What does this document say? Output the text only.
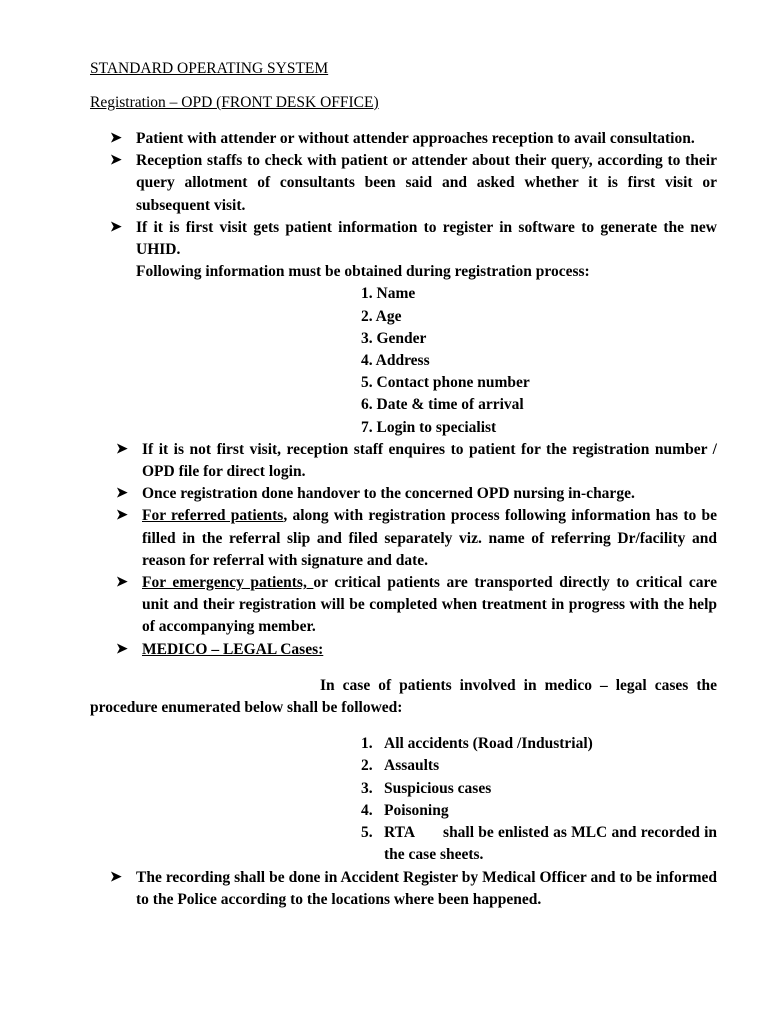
STANDARD OPERATING SYSTEM

Registration – OPD (FRONT DESK OFFICE)

➤ Patient with attender or without attender approaches reception to avail consultation.
➤ Reception staffs to check with patient or attender about their query, according to their query allotment of consultants been said and asked whether it is first visit or subsequent visit.
➤ If it is first visit gets patient information to register in software to generate the new UHID.
Following information must be obtained during registration process:
1. Name
2. Age
3. Gender
4. Address
5. Contact phone number
6. Date & time of arrival
7. Login to specialist
➤ If it is not first visit, reception staff enquires to patient for the registration number / OPD file for direct login.
➤ Once registration done handover to the concerned OPD nursing in-charge.
➤ For referred patients, along with registration process following information has to be filled in the referral slip and filed separately viz. name of referring Dr/facility and reason for referral with signature and date.
➤ For emergency patients, or critical patients are transported directly to critical care unit and their registration will be completed when treatment in progress with the help of accompanying member.
➤ MEDICO – LEGAL Cases:
In case of patients involved in medico – legal cases the procedure enumerated below shall be followed:
1. All accidents (Road /Industrial)
2. Assaults
3. Suspicious cases
4. Poisoning
5. RTA shall be enlisted as MLC and recorded in the case sheets.
➤ The recording shall be done in Accident Register by Medical Officer and to be informed to the Police according to the locations where been happened.
